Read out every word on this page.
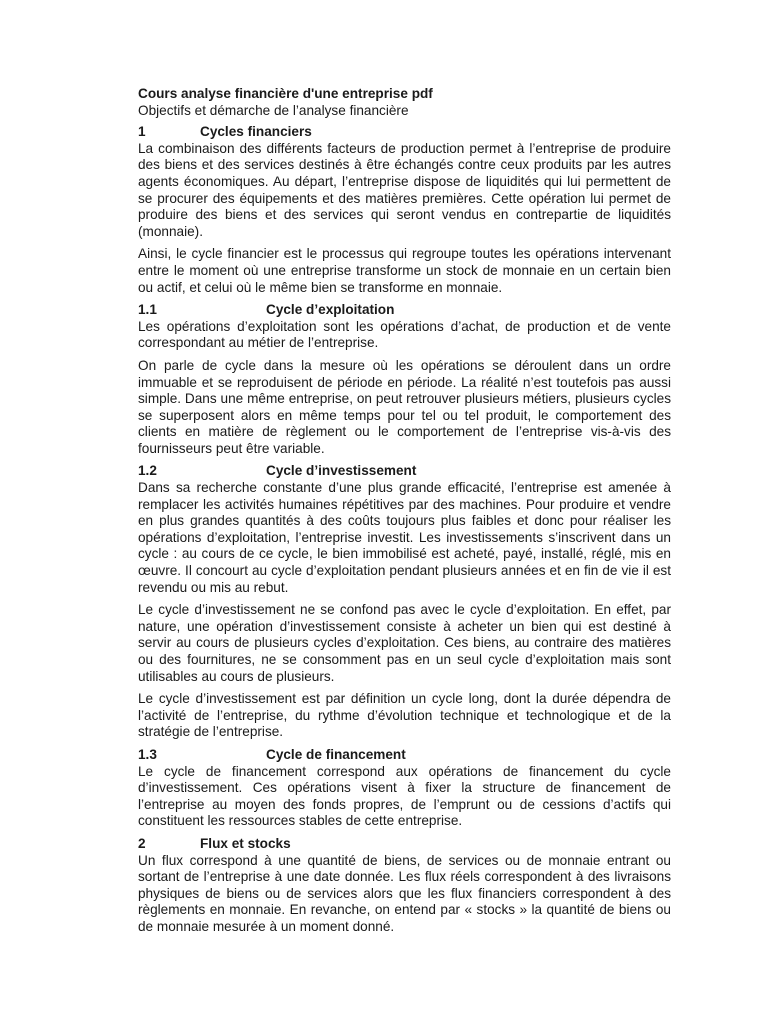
Cours analyse financière d'une entreprise pdf

Objectifs et démarche de l’analyse financière

1	Cycles financiers

La combinaison des différents facteurs de production permet à l’entreprise de produire des biens et des services destinés à être échangés contre ceux produits par les autres agents économiques. Au départ, l’entreprise dispose de liquidités qui lui permettent de se procurer des équipements et des matières premières. Cette opération lui permet de produire des biens et des services qui seront vendus en contrepartie de liquidités (monnaie).

Ainsi, le cycle financier est le processus qui regroupe toutes les opérations intervenant entre le moment où une entreprise transforme un stock de monnaie en un certain bien ou actif, et celui où le même bien se transforme en monnaie.

1.1	Cycle d’exploitation

Les opérations d’exploitation sont les opérations d’achat, de production et de vente correspondant au métier de l’entreprise.

On parle de cycle dans la mesure où les opérations se déroulent dans un ordre immuable et se reproduisent de période en période. La réalité n’est toutefois pas aussi simple. Dans une même entreprise, on peut retrouver plusieurs métiers, plusieurs cycles se superposent alors en même temps pour tel ou tel produit, le comportement des clients en matière de règlement ou le comportement de l’entreprise vis-à-vis des fournisseurs peut être variable.

1.2	Cycle d’investissement

Dans sa recherche constante d’une plus grande efficacité, l’entreprise est amenée à remplacer les activités humaines répétitives par des machines. Pour produire et vendre en plus grandes quantités à des coûts toujours plus faibles et donc pour réaliser les opérations d’exploitation, l’entreprise investit. Les investissements s’inscrivent dans un cycle : au cours de ce cycle, le bien immobilisé est acheté, payé, installé, réglé, mis en œuvre. Il concourt au cycle d’exploitation pendant plusieurs années et en fin de vie il est revendu ou mis au rebut.

Le cycle d’investissement ne se confond pas avec le cycle d’exploitation. En effet, par nature, une opération d’investissement consiste à acheter un bien qui est destiné à servir au cours de plusieurs cycles d’exploitation. Ces biens, au contraire des matières ou des fournitures, ne se consomment pas en un seul cycle d’exploitation mais sont utilisables au cours de plusieurs.

Le cycle d’investissement est par définition un cycle long, dont la durée dépendra de l’activité de l’entreprise, du rythme d’évolution technique et technologique et de la stratégie de l’entreprise.

1.3	Cycle de financement

Le cycle de financement correspond aux opérations de financement du cycle d’investissement. Ces opérations visent à fixer la structure de financement de l’entreprise au moyen des fonds propres, de l’emprunt ou de cessions d’actifs qui constituent les ressources stables de cette entreprise.

2	Flux et stocks

Un flux correspond à une quantité de biens, de services ou de monnaie entrant ou sortant de l’entreprise à une date donnée. Les flux réels correspondent à des livraisons physiques de biens ou de services alors que les flux financiers correspondent à des règlements en monnaie. En revanche, on entend par « stocks » la quantité de biens ou de monnaie mesurée à un moment donné.
